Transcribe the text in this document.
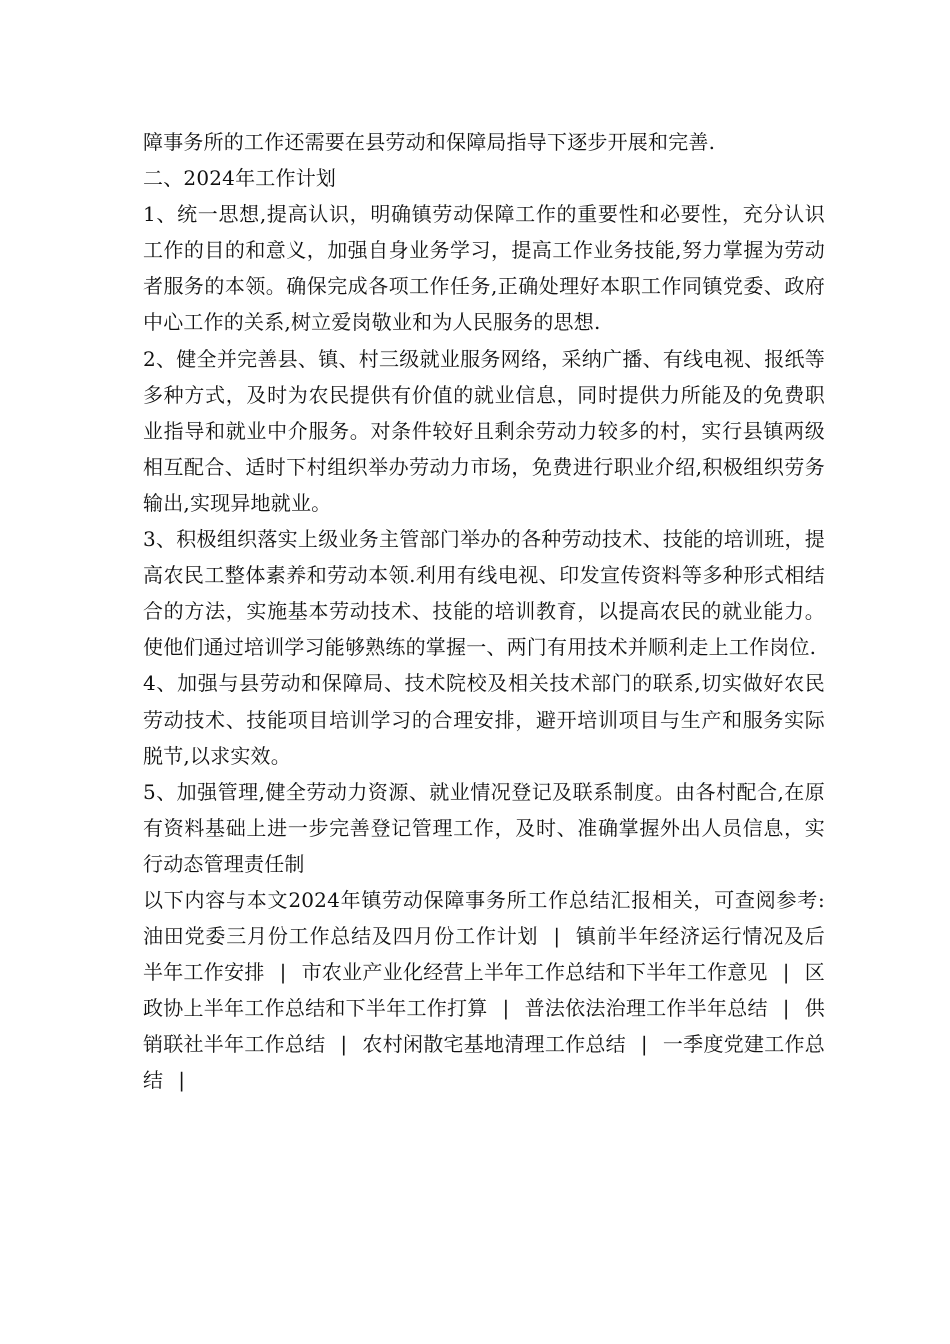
障事务所的工作还需要在县劳动和保障局指导下逐步开展和完善.

二、2024年工作计划

1、统一思想,提高认识，明确镇劳动保障工作的重要性和必要性，充分认识工作的目的和意义，加强自身业务学习，提高工作业务技能,努力掌握为劳动者服务的本领。确保完成各项工作任务,正确处理好本职工作同镇党委、政府中心工作的关系,树立爱岗敬业和为人民服务的思想.

2、健全并完善县、镇、村三级就业服务网络，采纳广播、有线电视、报纸等多种方式，及时为农民提供有价值的就业信息，同时提供力所能及的免费职业指导和就业中介服务。对条件较好且剩余劳动力较多的村，实行县镇两级相互配合、适时下村组织举办劳动力市场，免费进行职业介绍,积极组织劳务输出,实现异地就业。

3、积极组织落实上级业务主管部门举办的各种劳动技术、技能的培训班，提高农民工整体素养和劳动本领.利用有线电视、印发宣传资料等多种形式相结合的方法，实施基本劳动技术、技能的培训教育，以提高农民的就业能力。使他们通过培训学习能够熟练的掌握一、两门有用技术并顺利走上工作岗位.

4、加强与县劳动和保障局、技术院校及相关技术部门的联系,切实做好农民劳动技术、技能项目培训学习的合理安排，避开培训项目与生产和服务实际脱节,以求实效。

5、加强管理,健全劳动力资源、就业情况登记及联系制度。由各村配合,在原有资料基础上进一步完善登记管理工作，及时、准确掌握外出人员信息，实行动态管理责任制

以下内容与本文2024年镇劳动保障事务所工作总结汇报相关，可查阅参考:油田党委三月份工作总结及四月份工作计划 | 镇前半年经济运行情况及后半年工作安排 | 市农业产业化经营上半年工作总结和下半年工作意见 | 区政协上半年工作总结和下半年工作打算 | 普法依法治理工作半年总结 | 供销联社半年工作总结 | 农村闲散宅基地清理工作总结 | 一季度党建工作总结 |
